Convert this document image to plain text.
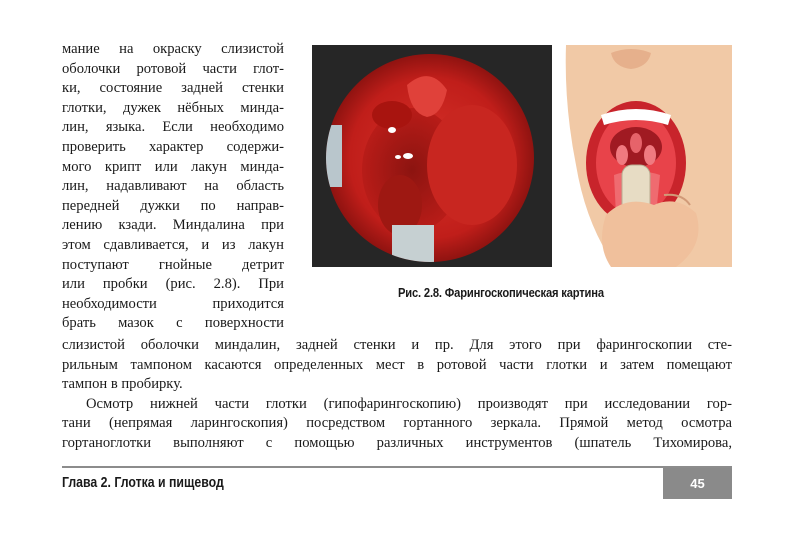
мание на окраску слизистой
оболочки ротовой части глот-
ки, состояние задней стенки
глотки, дужек нёбных минда-
лин, языка. Если необходимо
проверить характер содержи-
мого крипт или лакун минда-
лин, надавливают на область
передней дужки по направ-
лению кзади. Миндалина при
этом сдавливается, и из лакун
поступают гнойные детрит
или пробки (рис. 2.8). При
необходимости приходится
брать мазок с поверхности
Рис. 2.8. Фарингоскопическая картина
слизистой оболочки миндалин, задней стенки и пр. Для этого при фарингоскопии сте-
рильным тампоном касаются определенных мест в ротовой части глотки и затем помещают
тампон в пробирку.
Осмотр нижней части глотки (гипофарингоскопию) производят при исследовании гор-
тани (непрямая ларингоскопия) посредством гортанного зеркала. Прямой метод осмотра
гортаноглотки выполняют с помощью различных инструментов (шпатель Тихомирова,
Глава 2. Глотка и пищевод	45
